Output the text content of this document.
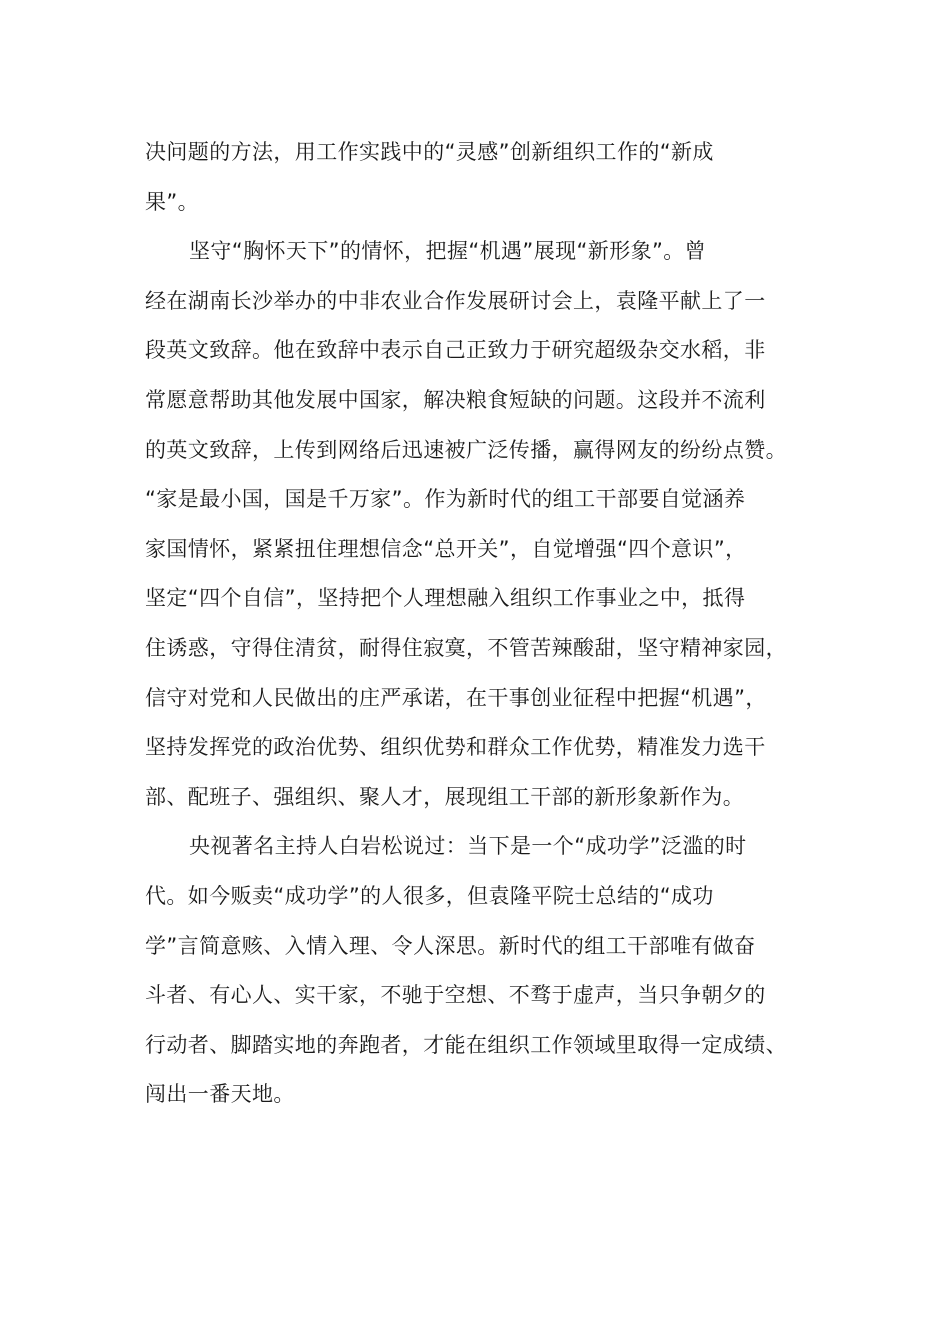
决问题的方法，用工作实践中的“灵感”创新组织工作的“新成
果”。
坚守“胸怀天下”的情怀，把握“机遇”展现“新形象”。曾
经在湖南长沙举办的中非农业合作发展研讨会上，袁隆平献上了一
段英文致辞。他在致辞中表示自己正致力于研究超级杂交水稻，非
常愿意帮助其他发展中国家，解决粮食短缺的问题。这段并不流利
的英文致辞，上传到网络后迅速被广泛传播，赢得网友的纷纷点赞。
“家是最小国，国是千万家”。作为新时代的组工干部要自觉涵养
家国情怀，紧紧扭住理想信念“总开关”，自觉增强“四个意识”，
坚定“四个自信”，坚持把个人理想融入组织工作事业之中，抵得
住诱惑，守得住清贫，耐得住寂寞，不管苦辣酸甜，坚守精神家园，
信守对党和人民做出的庄严承诺，在干事创业征程中把握“机遇”，
坚持发挥党的政治优势、组织优势和群众工作优势，精准发力选干
部、配班子、强组织、聚人才，展现组工干部的新形象新作为。
央视著名主持人白岩松说过：当下是一个“成功学”泛滥的时
代。如今贩卖“成功学”的人很多，但袁隆平院士总结的“成功
学”言简意赅、入情入理、令人深思。新时代的组工干部唯有做奋
斗者、有心人、实干家，不驰于空想、不骛于虚声，当只争朝夕的
行动者、脚踏实地的奔跑者，才能在组织工作领域里取得一定成绩、
闯出一番天地。
